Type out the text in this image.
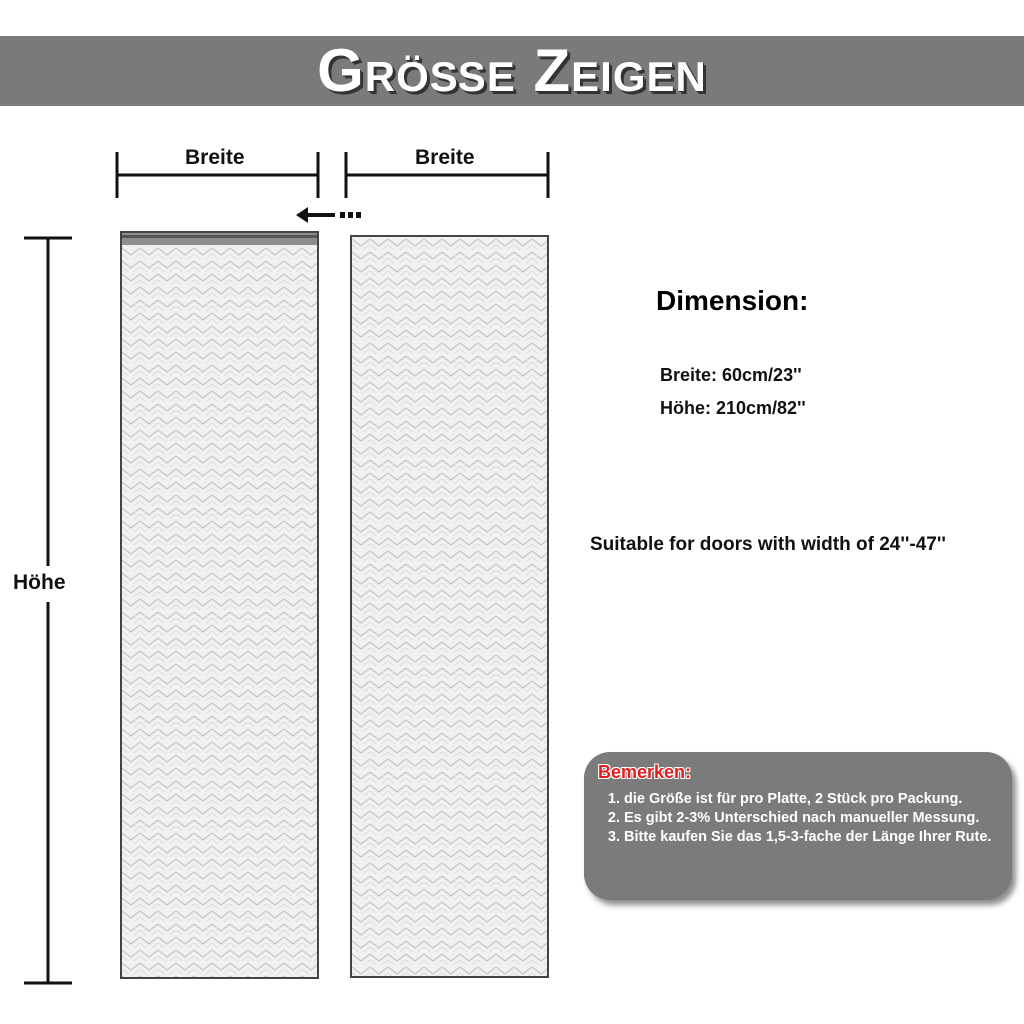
Größe Zeigen
Breite	Breite
Höhe
Dimension:
Breite: 60cm/23''
Höhe: 210cm/82''
Suitable for doors with width of 24''-47''
Bemerken:
1. die Größe ist für pro Platte, 2 Stück pro Packung.
2. Es gibt 2-3% Unterschied nach manueller Messung.
3. Bitte kaufen Sie das 1,5-3-fache der Länge Ihrer Rute.
